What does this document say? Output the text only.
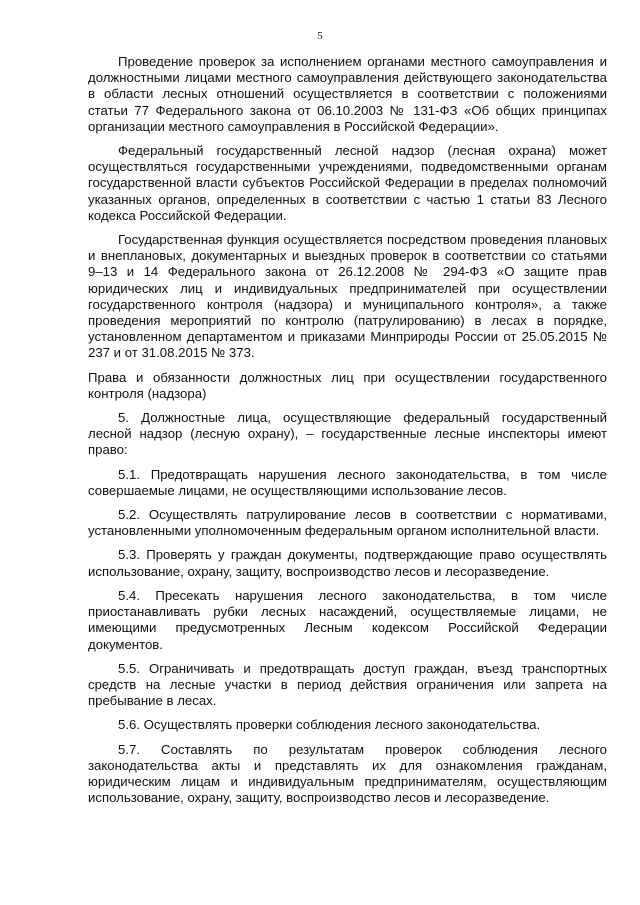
5

Проведение проверок за исполнением органами местного самоуправления и должностными лицами местного самоуправления действующего законодательства в области лесных отношений осуществляется в соответствии с положениями статьи 77 Федерального закона от 06.10.2003 № 131-ФЗ «Об общих принципах организации местного самоуправления в Российской Федерации».

Федеральный государственный лесной надзор (лесная охрана) может осуществляться государственными учреждениями, подведомственными органам государственной власти субъектов Российской Федерации в пределах полномочий указанных органов, определенных в соответствии с частью 1 статьи 83 Лесного кодекса Российской Федерации.

Государственная функция осуществляется посредством проведения плановых и внеплановых, документарных и выездных проверок в соответствии со статьями 9–13 и 14 Федерального закона от 26.12.2008 № 294-ФЗ «О защите прав юридических лиц и индивидуальных предпринимателей при осуществлении государственного контроля (надзора) и муниципального контроля», а также проведения мероприятий по контролю (патрулированию) в лесах в порядке, установленном департаментом и приказами Минприроды России от 25.05.2015 № 237 и от 31.08.2015 № 373.

Права и обязанности должностных лиц при осуществлении государственного контроля (надзора)

5. Должностные лица, осуществляющие федеральный государственный лесной надзор (лесную охрану), – государственные лесные инспекторы имеют право:

5.1. Предотвращать нарушения лесного законодательства, в том числе совершаемые лицами, не осуществляющими использование лесов.

5.2. Осуществлять патрулирование лесов в соответствии с нормативами, установленными уполномоченным федеральным органом исполнительной власти.

5.3. Проверять у граждан документы, подтверждающие право осуществлять использование, охрану, защиту, воспроизводство лесов и лесоразведение.

5.4. Пресекать нарушения лесного законодательства, в том числе приостанавливать рубки лесных насаждений, осуществляемые лицами, не имеющими предусмотренных Лесным кодексом Российской Федерации документов.

5.5. Ограничивать и предотвращать доступ граждан, въезд транспортных средств на лесные участки в период действия ограничения или запрета на пребывание в лесах.

5.6. Осуществлять проверки соблюдения лесного законодательства.

5.7. Составлять по результатам проверок соблюдения лесного законодательства акты и представлять их для ознакомления гражданам, юридическим лицам и индивидуальным предпринимателям, осуществляющим использование, охрану, защиту, воспроизводство лесов и лесоразведение.
